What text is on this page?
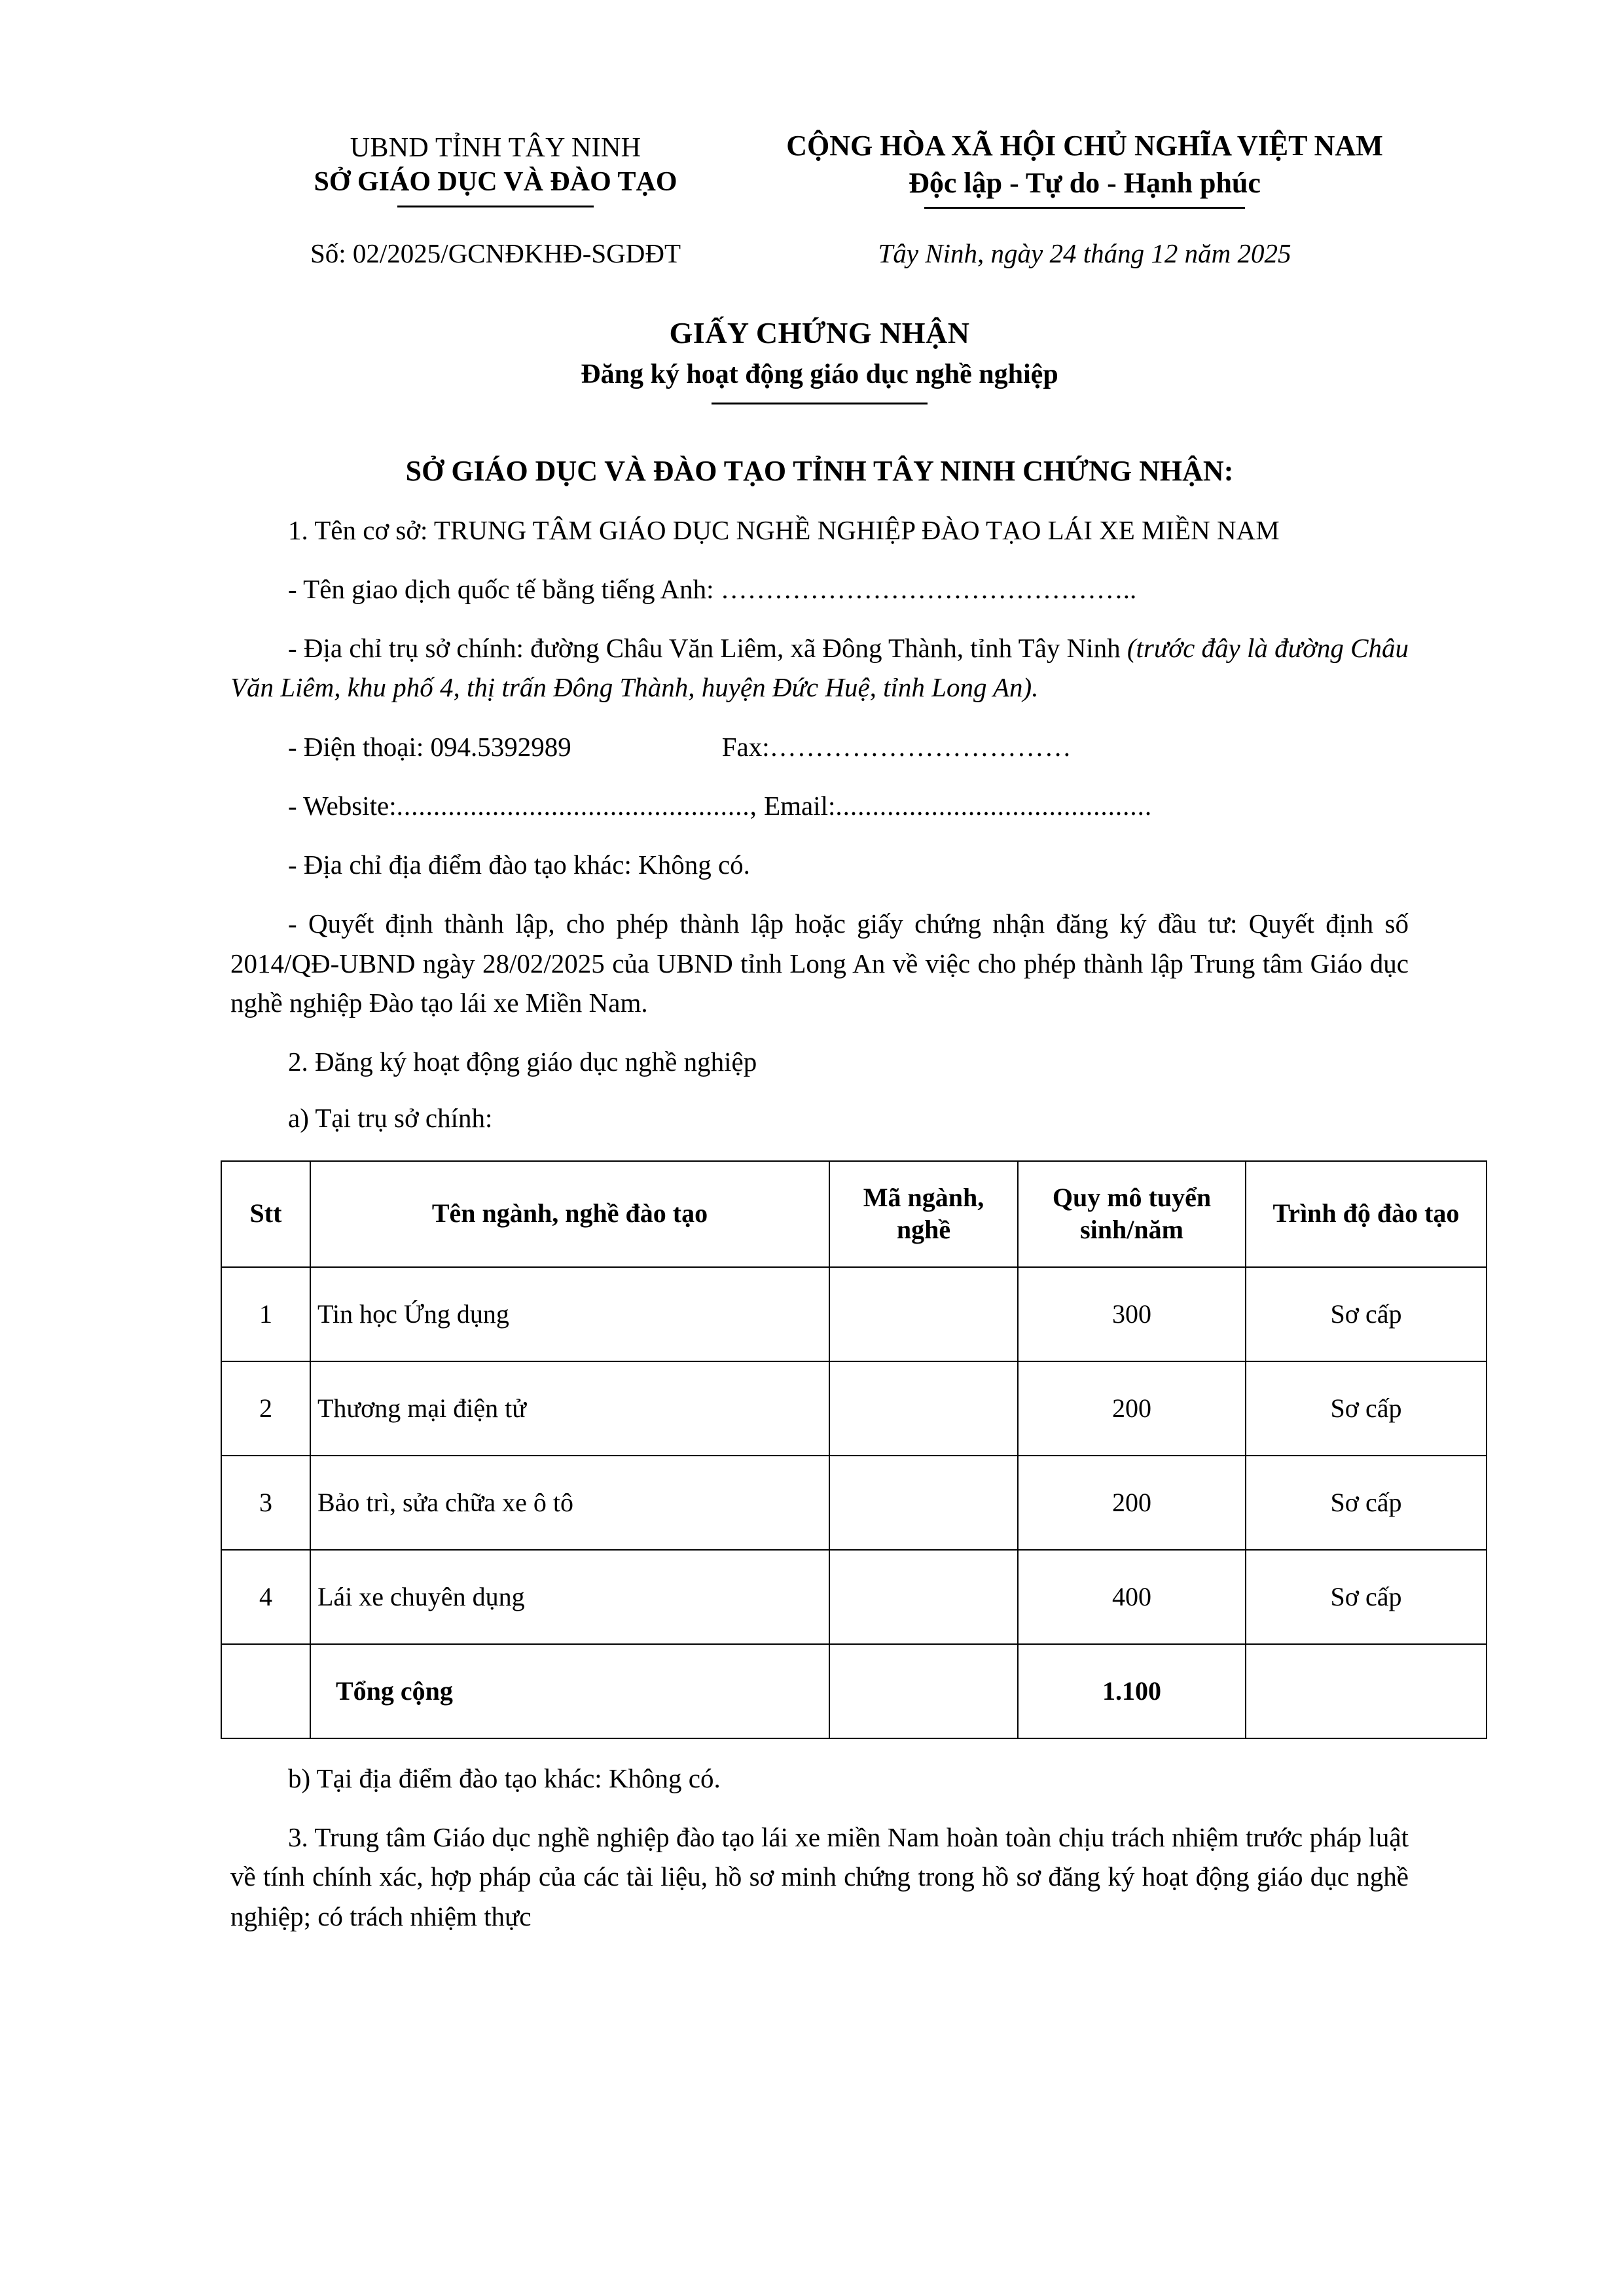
UBND TỈNH TÂY NINH
SỞ GIÁO DỤC VÀ ĐÀO TẠO
CỘNG HÒA XÃ HỘI CHỦ NGHĨA VIỆT NAM
Độc lập - Tự do - Hạnh phúc
Số: 02/2025/GCNĐKHĐ-SGDĐT	Tây Ninh, ngày 24 tháng 12 năm 2025
GIẤY CHỨNG NHẬN
Đăng ký hoạt động giáo dục nghề nghiệp
SỞ GIÁO DỤC VÀ ĐÀO TẠO TỈNH TÂY NINH CHỨNG NHẬN:

1. Tên cơ sở: TRUNG TÂM GIÁO DỤC NGHỀ NGHIỆP ĐÀO TẠO LÁI XE MIỀN NAM

- Tên giao dịch quốc tế bằng tiếng Anh: ………………………………………..

- Địa chỉ trụ sở chính: đường Châu Văn Liêm, xã Đông Thành, tỉnh Tây Ninh (trước đây là đường Châu Văn Liêm, khu phố 4, thị trấn Đông Thành, huyện Đức Huệ, tỉnh Long An).

- Điện thoại: 094.5392989	Fax:……………………………

- Website:................................................, Email:...........................................

- Địa chỉ địa điểm đào tạo khác: Không có.

- Quyết định thành lập, cho phép thành lập hoặc giấy chứng nhận đăng ký đầu tư: Quyết định số 2014/QĐ-UBND ngày 28/02/2025 của UBND tỉnh Long An về việc cho phép thành lập Trung tâm Giáo dục nghề nghiệp Đào tạo lái xe Miền Nam.

2. Đăng ký hoạt động giáo dục nghề nghiệp

a) Tại trụ sở chính:

Stt	Tên ngành, nghề đào tạo	Mã ngành, nghề	Quy mô tuyển sinh/năm	Trình độ đào tạo
1	Tin học Ứng dụng		300	Sơ cấp
2	Thương mại điện tử		200	Sơ cấp
3	Bảo trì, sửa chữa xe ô tô		200	Sơ cấp
4	Lái xe chuyên dụng		400	Sơ cấp
	Tổng cộng		1.100	

b) Tại địa điểm đào tạo khác: Không có.

3. Trung tâm Giáo dục nghề nghiệp đào tạo lái xe miền Nam hoàn toàn chịu trách nhiệm trước pháp luật về tính chính xác, hợp pháp của các tài liệu, hồ sơ minh chứng trong hồ sơ đăng ký hoạt động giáo dục nghề nghiệp; có trách nhiệm thực
